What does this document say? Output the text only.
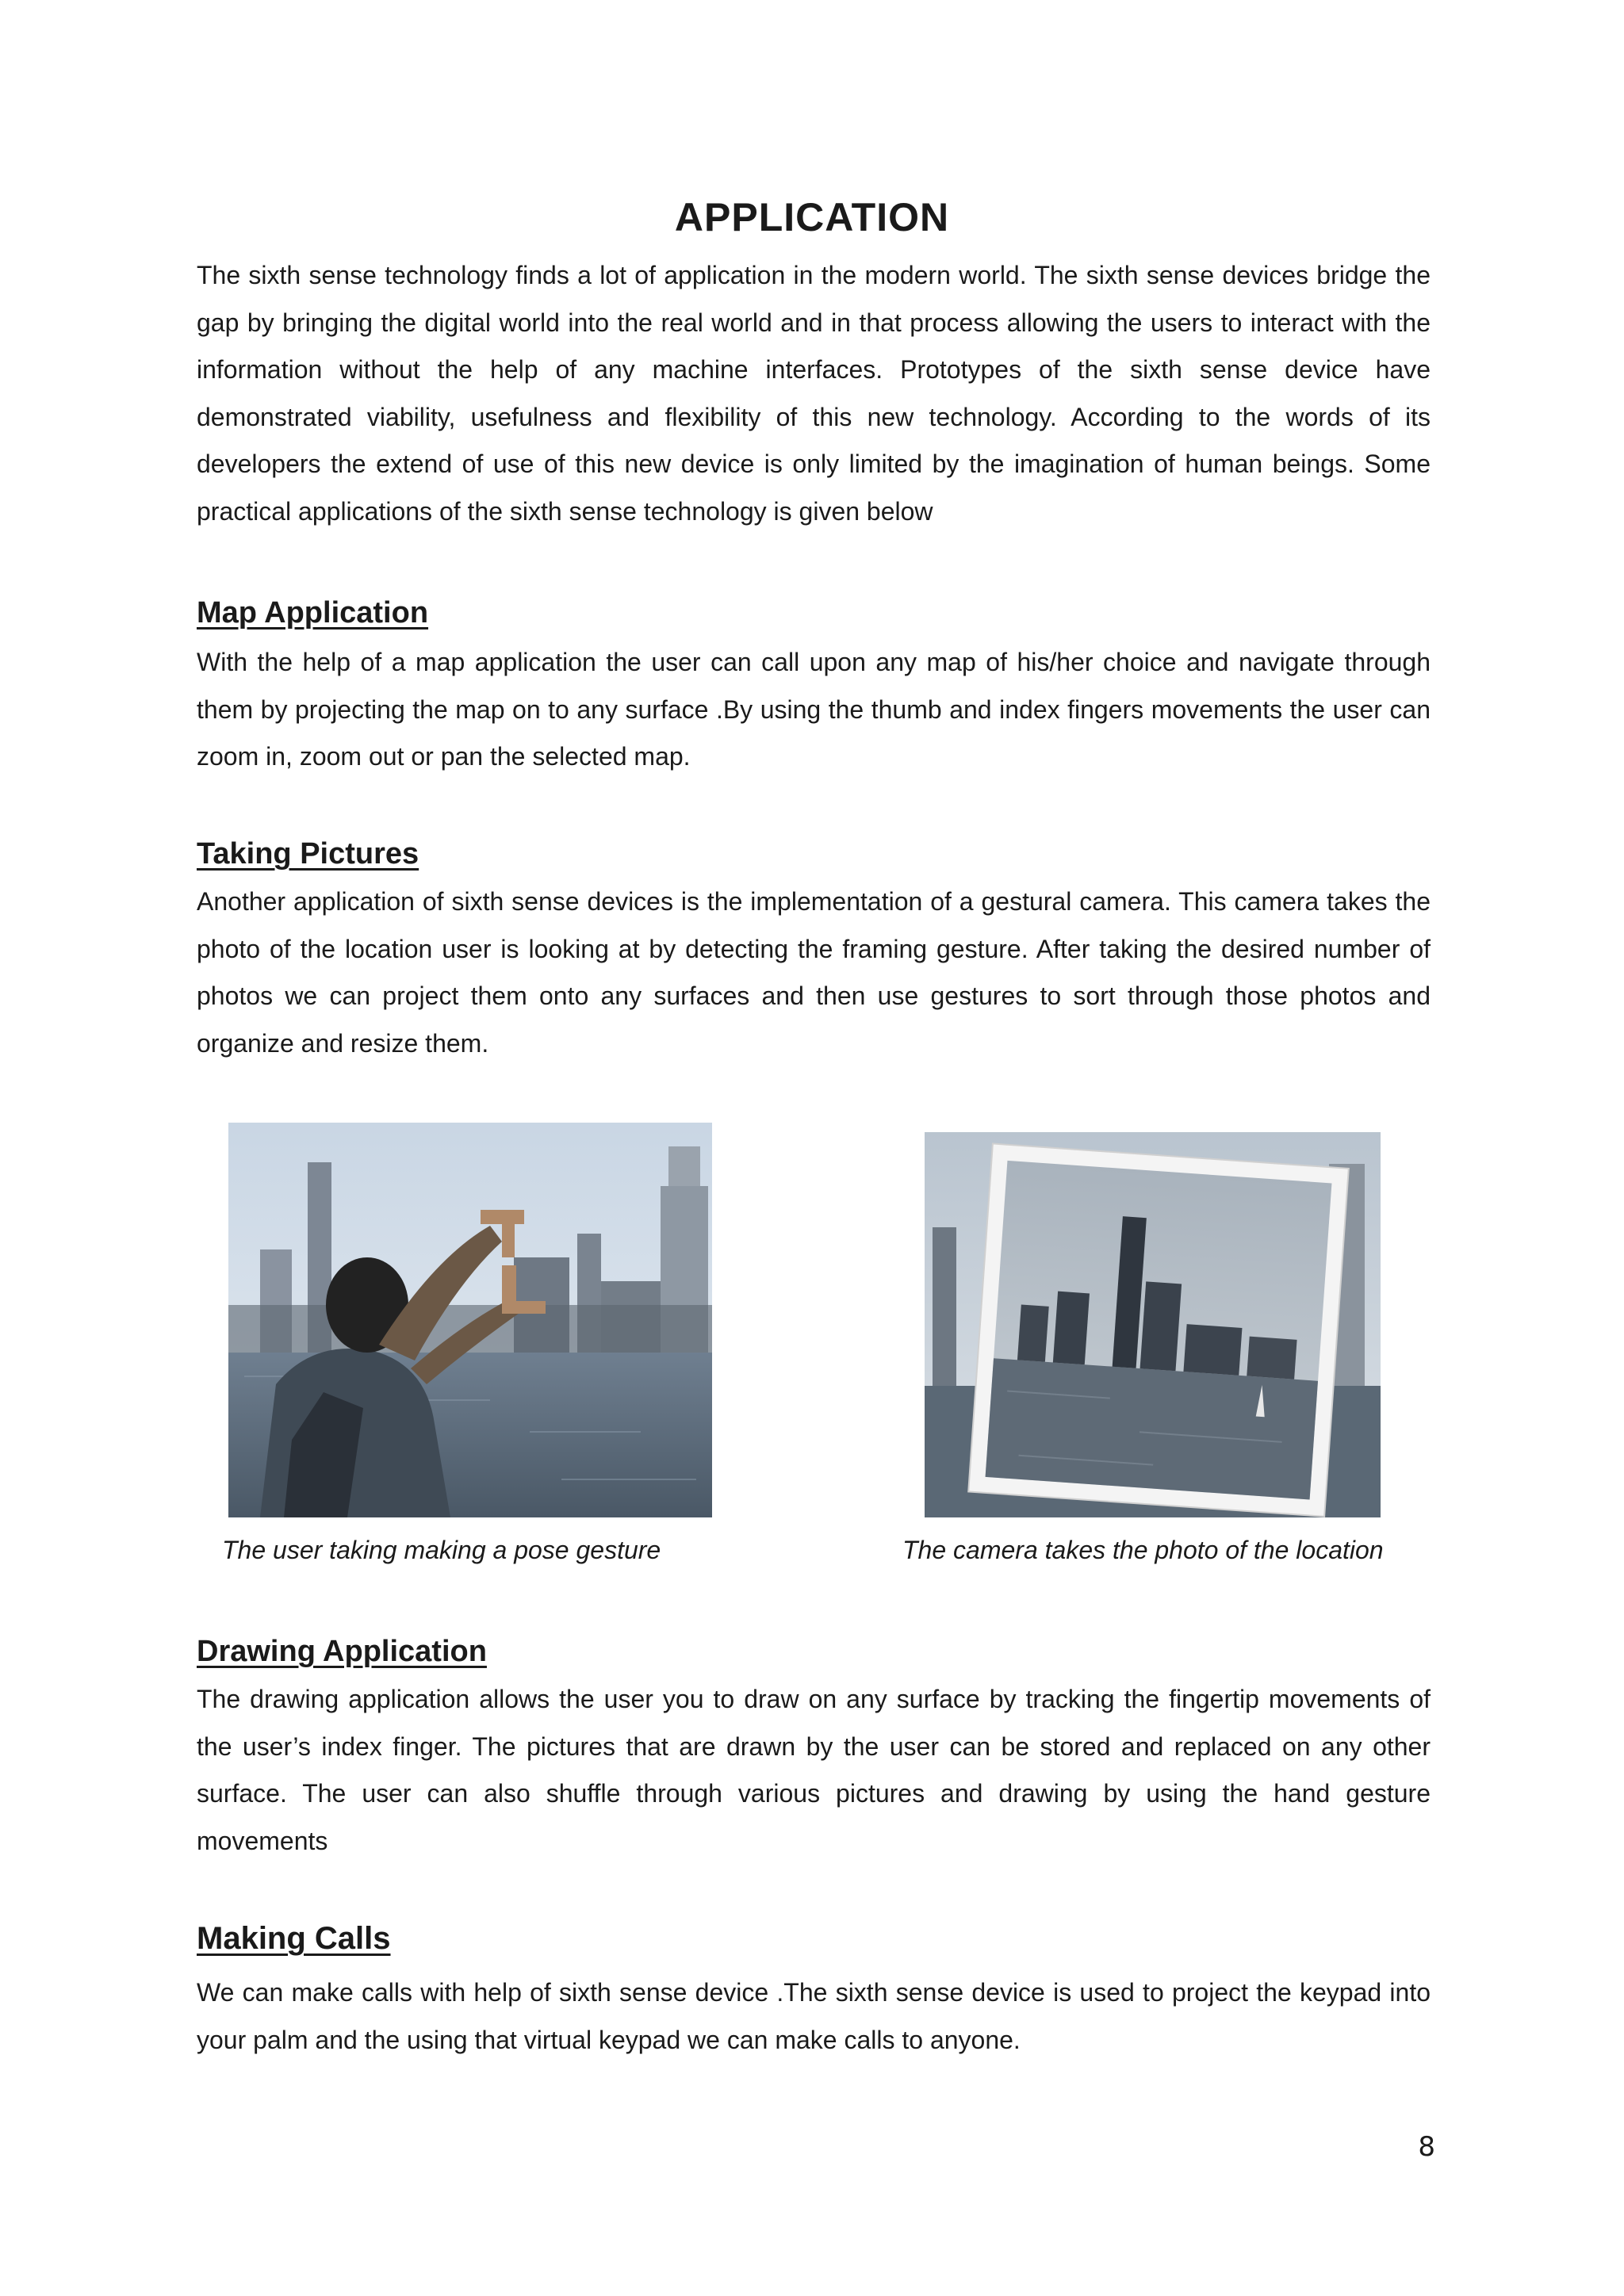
APPLICATION

The sixth sense technology finds a lot of application in the modern world. The sixth sense devices bridge the gap by bringing the digital world into the real world and in that process allowing the users to interact with the information without the help of any machine interfaces. Prototypes of the sixth sense device have demonstrated viability, usefulness and flexibility of this new technology. According to the words of its developers the extend of use of this new device is only limited by the imagination of human beings. Some practical applications of the sixth sense technology is given below

Map Application

With the help of a map application the user can call upon any map of his/her choice and navigate through them by projecting the map on to any surface .By using the thumb and index fingers movements the user can zoom in, zoom out or pan the selected map.

Taking Pictures

Another application of sixth sense devices is the implementation of a gestural camera. This camera takes the photo of the location user is looking at by detecting the framing gesture. After taking the desired number of photos we can project them onto any surfaces and then use gestures to sort through those photos and organize and resize them.

The user taking making a pose gesture	The camera takes the photo of the location

Drawing Application

The drawing application allows the user you to draw on any surface by tracking the fingertip movements of the user’s index finger. The pictures that are drawn by the user can be stored and replaced on any other surface. The user can also shuffle through various pictures and drawing by using the hand gesture movements

Making Calls

We can make calls with help of sixth sense device .The sixth sense device is used to project the keypad into your palm and the using that virtual keypad we can make calls to anyone.

8
